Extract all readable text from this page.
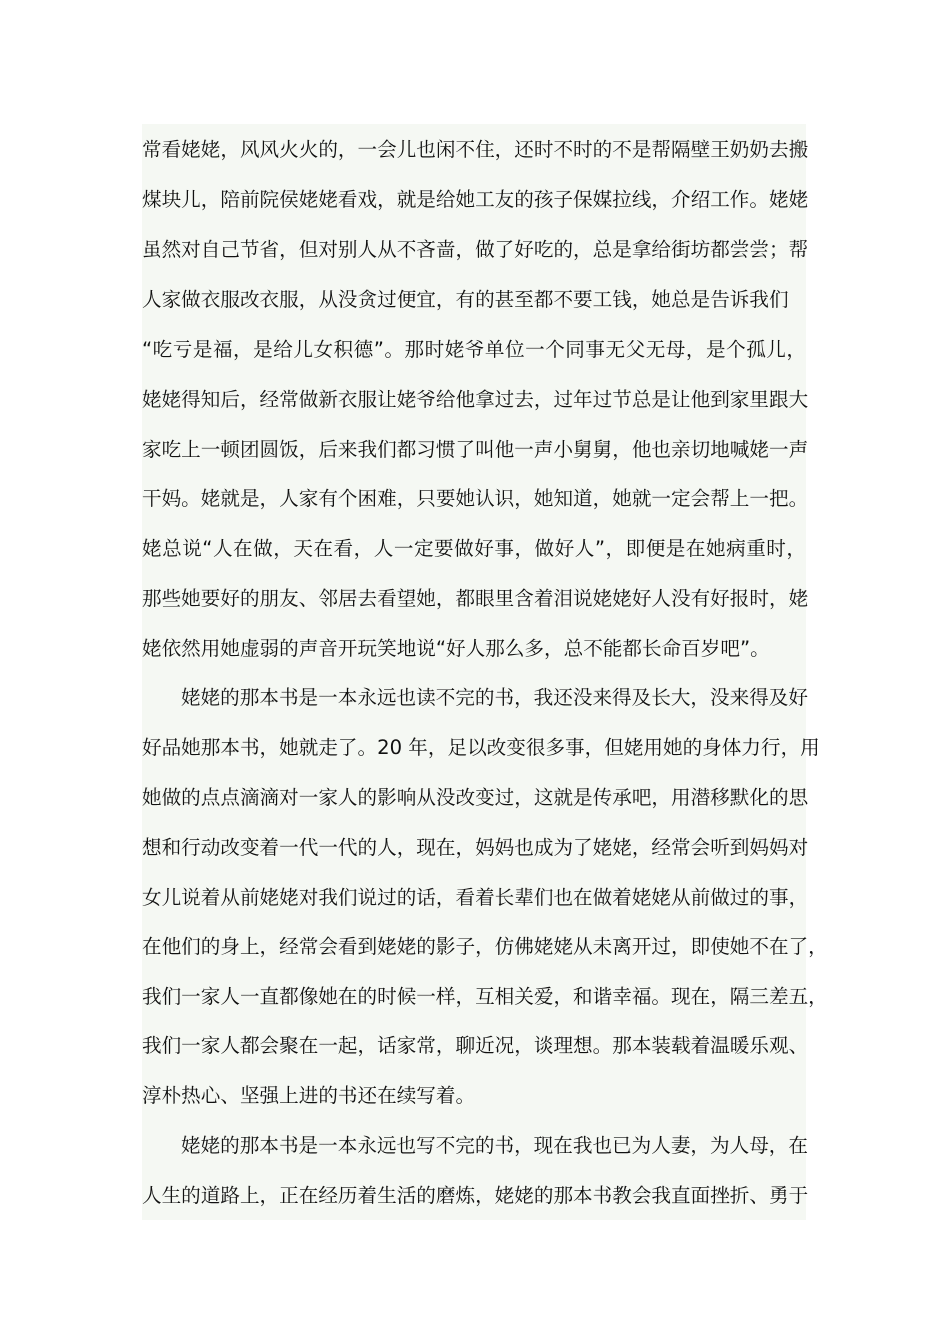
常看姥姥，风风火火的，一会儿也闲不住，还时不时的不是帮隔壁王奶奶去搬
煤块儿，陪前院侯姥姥看戏，就是给她工友的孩子保媒拉线，介绍工作。姥姥
虽然对自己节省，但对别人从不吝啬，做了好吃的，总是拿给街坊都尝尝；帮
人家做衣服改衣服，从没贪过便宜，有的甚至都不要工钱，她总是告诉我们
“吃亏是福，是给儿女积德”。那时姥爷单位一个同事无父无母，是个孤儿，
姥姥得知后，经常做新衣服让姥爷给他拿过去，过年过节总是让他到家里跟大
家吃上一顿团圆饭，后来我们都习惯了叫他一声小舅舅，他也亲切地喊姥一声
干妈。姥就是，人家有个困难，只要她认识，她知道，她就一定会帮上一把。
姥总说“人在做，天在看，人一定要做好事，做好人”，即便是在她病重时，
那些她要好的朋友、邻居去看望她，都眼里含着泪说姥姥好人没有好报时，姥
姥依然用她虚弱的声音开玩笑地说“好人那么多，总不能都长命百岁吧”。
姥姥的那本书是一本永远也读不完的书，我还没来得及长大，没来得及好
好品她那本书，她就走了。20 年，足以改变很多事，但姥用她的身体力行，用
她做的点点滴滴对一家人的影响从没改变过，这就是传承吧，用潜移默化的思
想和行动改变着一代一代的人，现在，妈妈也成为了姥姥，经常会听到妈妈对
女儿说着从前姥姥对我们说过的话，看着长辈们也在做着姥姥从前做过的事，
在他们的身上，经常会看到姥姥的影子，仿佛姥姥从未离开过，即使她不在了，
我们一家人一直都像她在的时候一样，互相关爱，和谐幸福。现在，隔三差五，
我们一家人都会聚在一起，话家常，聊近况，谈理想。那本装载着温暖乐观、
淳朴热心、坚强上进的书还在续写着。
姥姥的那本书是一本永远也写不完的书，现在我也已为人妻，为人母，在
人生的道路上，正在经历着生活的磨炼，姥姥的那本书教会我直面挫折、勇于
